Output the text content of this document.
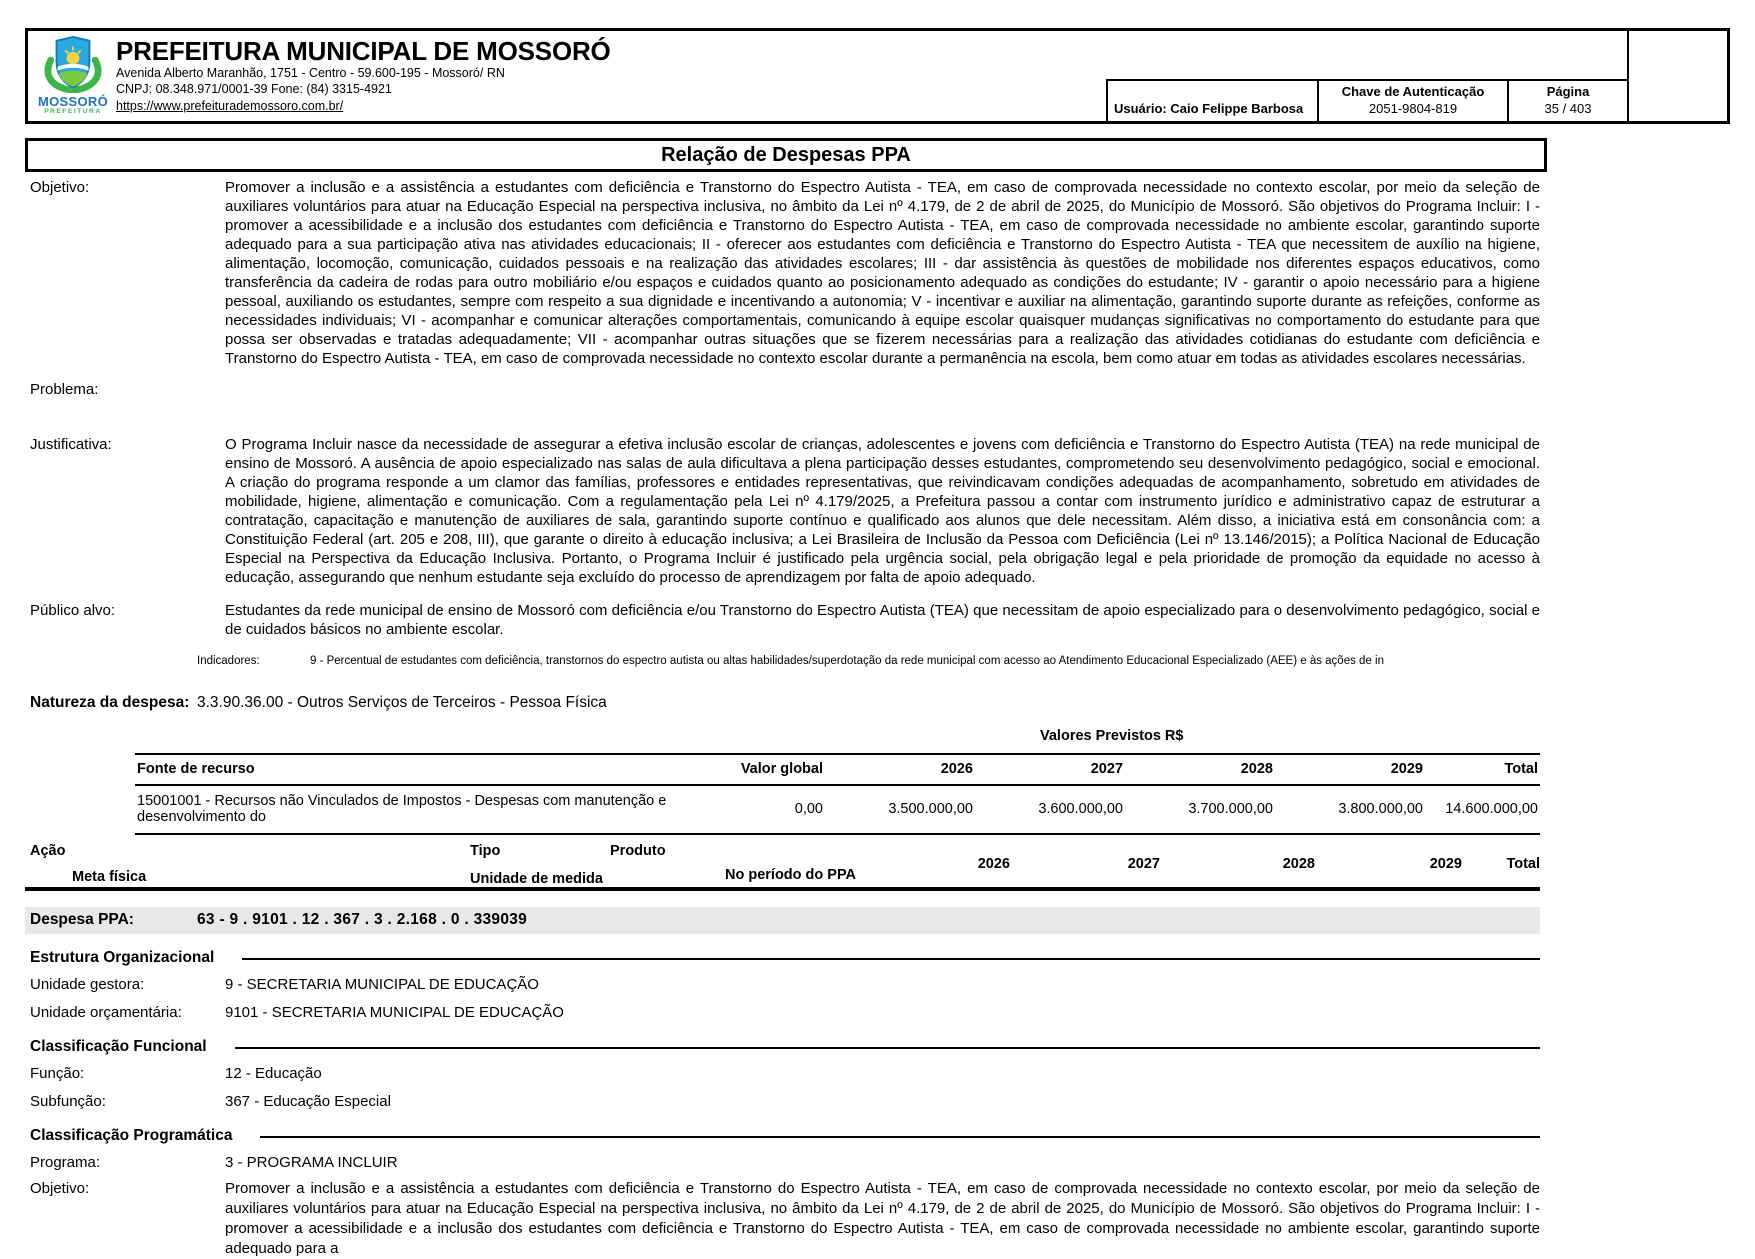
MOSSORÓ
PREFEITURA
PREFEITURA MUNICIPAL DE MOSSORÓ
Avenida Alberto Maranhão, 1751 - Centro - 59.600-195 - Mossoró/ RN
CNPJ: 08.348.971/0001-39 Fone: (84) 3315-4921
https://www.prefeiturademossoro.com.br/	Usuário: Caio Felippe Barbosa
Chave de Autenticação
2051-9804-819
Página
35 / 403
Relação de Despesas PPA
Objetivo:	Promover a inclusão e a assistência a estudantes com deficiência e Transtorno do Espectro Autista - TEA, em caso de comprovada necessidade no contexto escolar, por meio da seleção de auxiliares voluntários para atuar na Educação Especial na perspectiva inclusiva, no âmbito da Lei nº 4.179, de 2 de abril de 2025, do Município de Mossoró. São objetivos do Programa Incluir: I - promover a acessibilidade e a inclusão dos estudantes com deficiência e Transtorno do Espectro Autista - TEA, em caso de comprovada necessidade no ambiente escolar, garantindo suporte adequado para a sua participação ativa nas atividades educacionais; II - oferecer aos estudantes com deficiência e Transtorno do Espectro Autista - TEA que necessitem de auxílio na higiene, alimentação, locomoção, comunicação, cuidados pessoais e na realização das atividades escolares; III - dar assistência às questões de mobilidade nos diferentes espaços educativos, como transferência da cadeira de rodas para outro mobiliário e/ou espaços e cuidados quanto ao posicionamento adequado as condições do estudante; IV - garantir o apoio necessário para a higiene pessoal, auxiliando os estudantes, sempre com respeito a sua dignidade e incentivando a autonomia; V - incentivar e auxiliar na alimentação, garantindo suporte durante as refeições, conforme as necessidades individuais; VI - acompanhar e comunicar alterações comportamentais, comunicando à equipe escolar quaisquer mudanças significativas no comportamento do estudante para que possa ser observadas e tratadas adequadamente; VII - acompanhar outras situações que se fizerem necessárias para a realização das atividades cotidianas do estudante com deficiência e Transtorno do Espectro Autista - TEA, em caso de comprovada necessidade no contexto escolar durante a permanência na escola, bem como atuar em todas as atividades escolares necessárias.
Problema:
Justificativa:	O Programa Incluir nasce da necessidade de assegurar a efetiva inclusão escolar de crianças, adolescentes e jovens com deficiência e Transtorno do Espectro Autista (TEA) na rede municipal de ensino de Mossoró. A ausência de apoio especializado nas salas de aula dificultava a plena participação desses estudantes, comprometendo seu desenvolvimento pedagógico, social e emocional. A criação do programa responde a um clamor das famílias, professores e entidades representativas, que reivindicavam condições adequadas de acompanhamento, sobretudo em atividades de mobilidade, higiene, alimentação e comunicação. Com a regulamentação pela Lei nº 4.179/2025, a Prefeitura passou a contar com instrumento jurídico e administrativo capaz de estruturar a contratação, capacitação e manutenção de auxiliares de sala, garantindo suporte contínuo e qualificado aos alunos que dele necessitam. Além disso, a iniciativa está em consonância com: a Constituição Federal (art. 205 e 208, III), que garante o direito à educação inclusiva; a Lei Brasileira de Inclusão da Pessoa com Deficiência (Lei nº 13.146/2015); a Política Nacional de Educação Especial na Perspectiva da Educação Inclusiva. Portanto, o Programa Incluir é justificado pela urgência social, pela obrigação legal e pela prioridade de promoção da equidade no acesso à educação, assegurando que nenhum estudante seja excluído do processo de aprendizagem por falta de apoio adequado.
Público alvo:	Estudantes da rede municipal de ensino de Mossoró com deficiência e/ou Transtorno do Espectro Autista (TEA) que necessitam de apoio especializado para o desenvolvimento pedagógico, social e de cuidados básicos no ambiente escolar.
Indicadores:	9 - Percentual de estudantes com deficiência, transtornos do espectro autista ou altas habilidades/superdotação da rede municipal com acesso ao Atendimento Educacional Especializado (AEE) e às ações de in
Natureza da despesa: 3.3.90.36.00 - Outros Serviços de Terceiros - Pessoa Física
Valores Previstos R$
Fonte de recurso	Valor global	2026	2027	2028	2029	Total
15001001 - Recursos não Vinculados de Impostos - Despesas com manutenção e desenvolvimento do	0,00	3.500.000,00	3.600.000,00	3.700.000,00	3.800.000,00	14.600.000,00
Ação	Tipo	Produto
Meta física	Unidade de medida	No período do PPA
2026	2027	2028	2029	Total
Despesa PPA:	63 - 9 . 9101 . 12 . 367 . 3 . 2.168 . 0 . 339039
Estrutura Organizacional
Unidade gestora:	9 - SECRETARIA MUNICIPAL DE EDUCAÇÃO
Unidade orçamentária:	9101 - SECRETARIA MUNICIPAL DE EDUCAÇÃO
Classificação Funcional
Função:	12 - Educação
Subfunção:	367 - Educação Especial
Classificação Programática
Programa:	3 - PROGRAMA INCLUIR
Objetivo:	Promover a inclusão e a assistência a estudantes com deficiência e Transtorno do Espectro Autista - TEA, em caso de comprovada necessidade no contexto escolar, por meio da seleção de auxiliares voluntários para atuar na Educação Especial na perspectiva inclusiva, no âmbito da Lei nº 4.179, de 2 de abril de 2025, do Município de Mossoró. São objetivos do Programa Incluir: I - promover a acessibilidade e a inclusão dos estudantes com deficiência e Transtorno do Espectro Autista - TEA, em caso de comprovada necessidade no ambiente escolar, garantindo suporte adequado para a
